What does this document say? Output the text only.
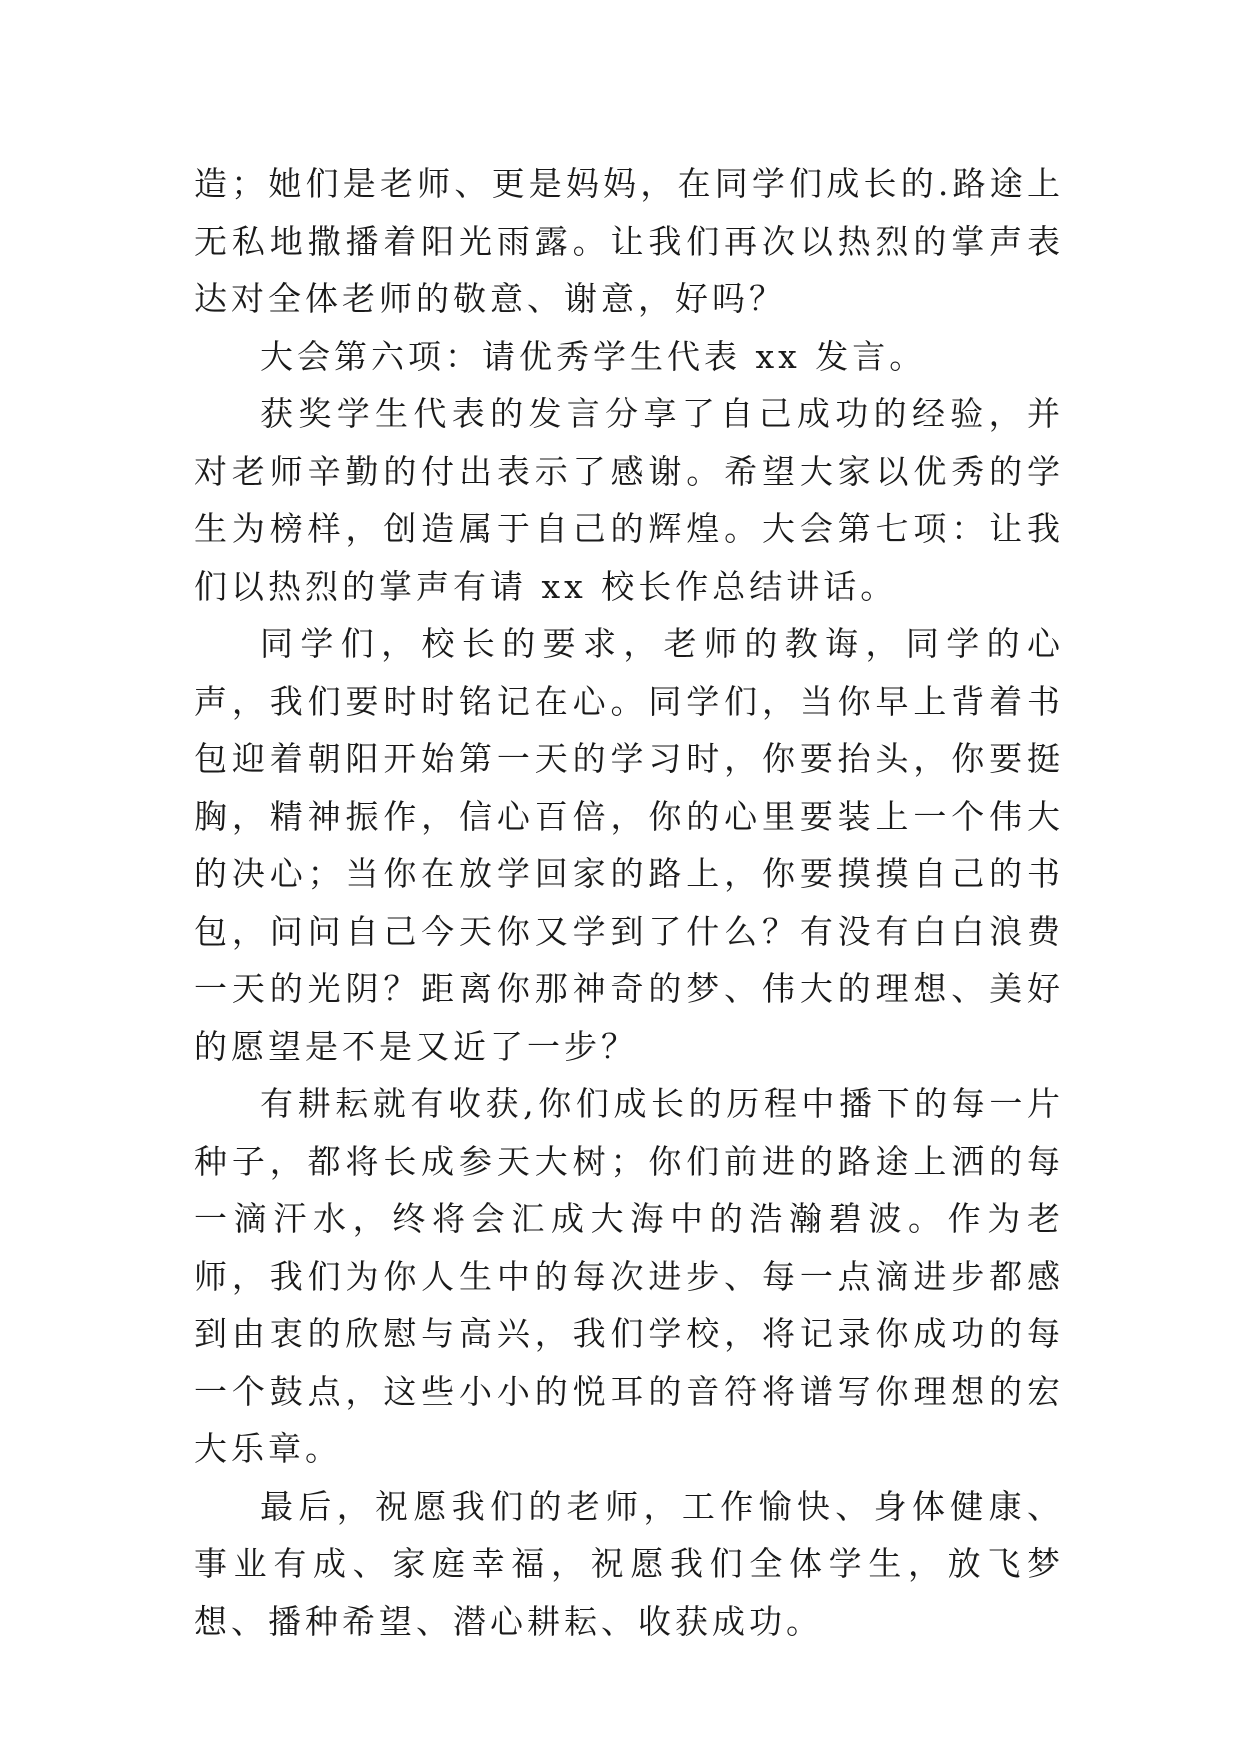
造；她们是老师、更是妈妈，在同学们成长的.路途上无私地撒播着阳光雨露。让我们再次以热烈的掌声表达对全体老师的敬意、谢意，好吗？

大会第六项：请优秀学生代表 xx 发言。

获奖学生代表的发言分享了自己成功的经验，并对老师辛勤的付出表示了感谢。希望大家以优秀的学生为榜样，创造属于自己的辉煌。大会第七项：让我们以热烈的掌声有请 xx 校长作总结讲话。

同学们，校长的要求，老师的教诲，同学的心声，我们要时时铭记在心。同学们，当你早上背着书包迎着朝阳开始第一天的学习时，你要抬头，你要挺胸，精神振作，信心百倍，你的心里要装上一个伟大的决心；当你在放学回家的路上，你要摸摸自己的书包，问问自己今天你又学到了什么？有没有白白浪费一天的光阴？距离你那神奇的梦、伟大的理想、美好的愿望是不是又近了一步？

有耕耘就有收获,你们成长的历程中播下的每一片种子，都将长成参天大树；你们前进的路途上洒的每一滴汗水，终将会汇成大海中的浩瀚碧波。作为老师，我们为你人生中的每次进步、每一点滴进步都感到由衷的欣慰与高兴，我们学校，将记录你成功的每一个鼓点，这些小小的悦耳的音符将谱写你理想的宏大乐章。

最后，祝愿我们的老师，工作愉快、身体健康、事业有成、家庭幸福，祝愿我们全体学生，放飞梦想、播种希望、潜心耕耘、收获成功。
